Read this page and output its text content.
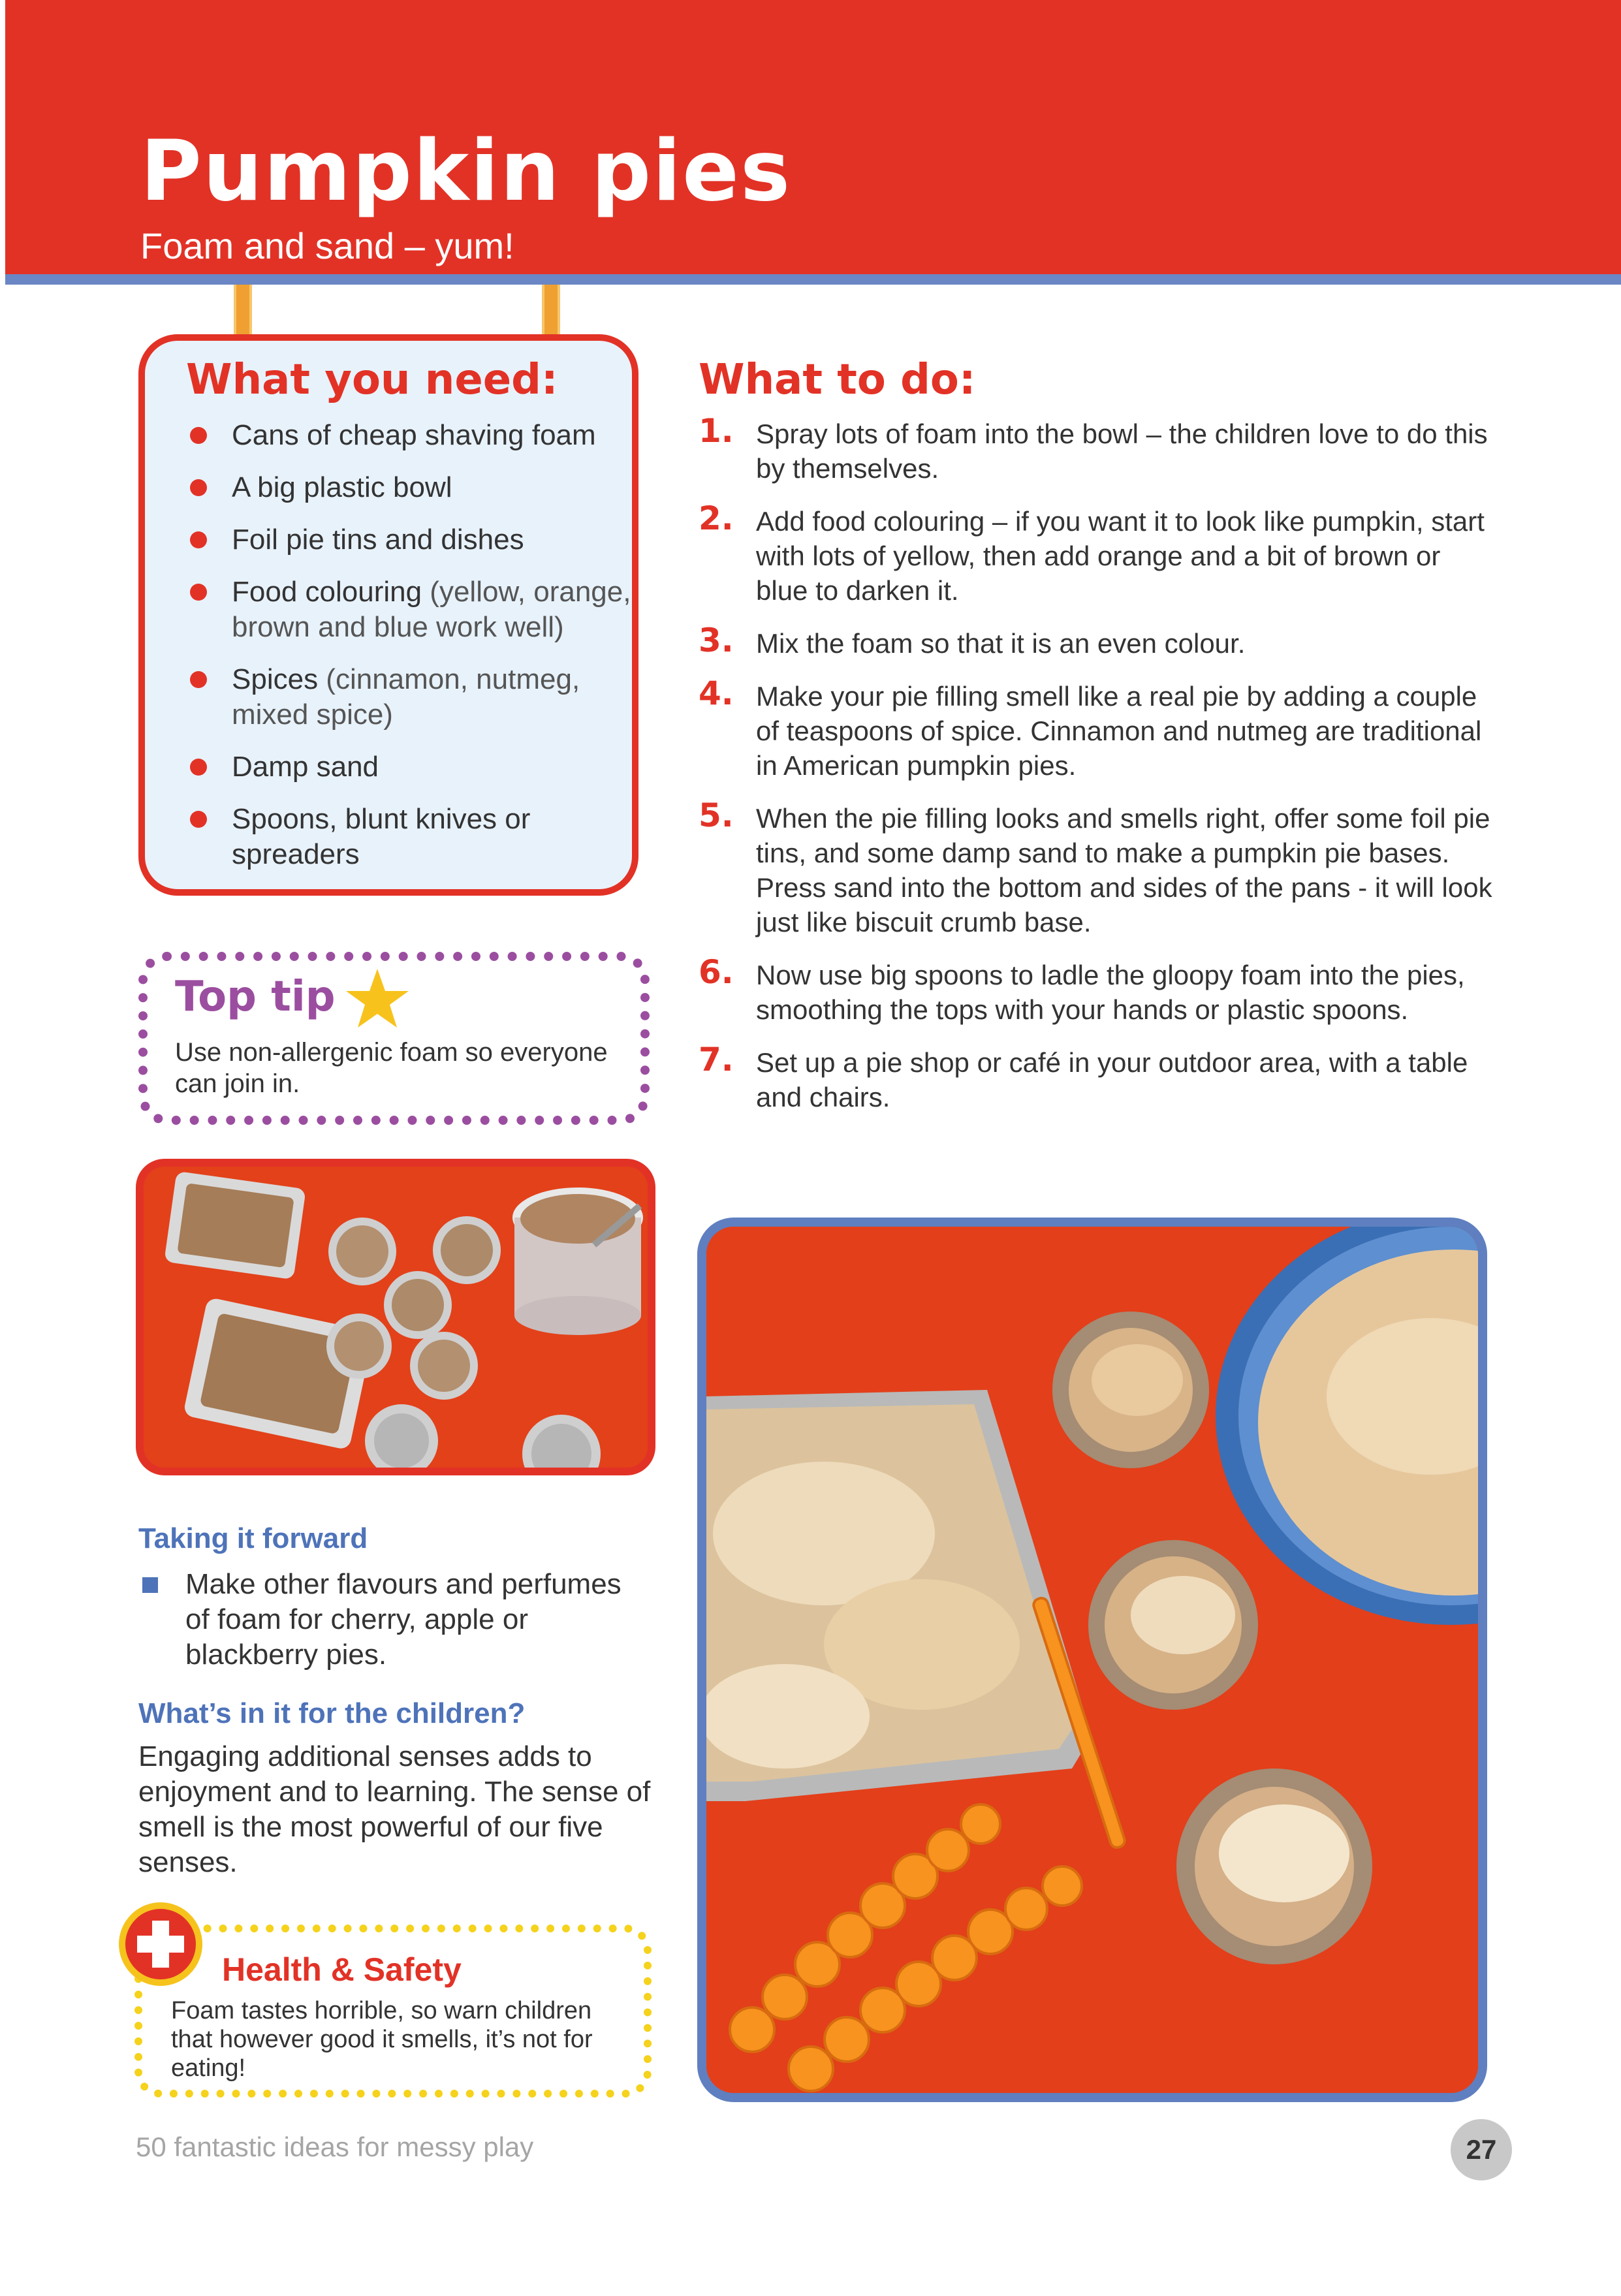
Pumpkin pies
Foam and sand – yum!
What you need:
Cans of cheap shaving foam
A big plastic bowl
Foil pie tins and dishes
Food colouring (yellow, orange, brown and blue work well)
Spices (cinnamon, nutmeg, mixed spice)
Damp sand
Spoons, blunt knives or spreaders
What to do:
1. Spray lots of foam into the bowl – the children love to do this by themselves.
2. Add food colouring – if you want it to look like pumpkin, start with lots of yellow, then add orange and a bit of brown or blue to darken it.
3. Mix the foam so that it is an even colour.
4. Make your pie filling smell like a real pie by adding a couple of teaspoons of spice. Cinnamon and nutmeg are traditional in American pumpkin pies.
5. When the pie filling looks and smells right, offer some foil pie tins, and some damp sand to make a pumpkin pie bases. Press sand into the bottom and sides of the pans - it will look just like biscuit crumb base.
6. Now use big spoons to ladle the gloopy foam into the pies, smoothing the tops with your hands or plastic spoons.
7. Set up a pie shop or café in your outdoor area, with a table and chairs.
Top tip
Use non-allergenic foam so everyone can join in.
Taking it forward
Make other flavours and perfumes of foam for cherry, apple or blackberry pies.
What’s in it for the children?
Engaging additional senses adds to enjoyment and to learning. The sense of smell is the most powerful of our five senses.
Health & Safety
Foam tastes horrible, so warn children that however good it smells, it’s not for eating!
50 fantastic ideas for messy play	27
